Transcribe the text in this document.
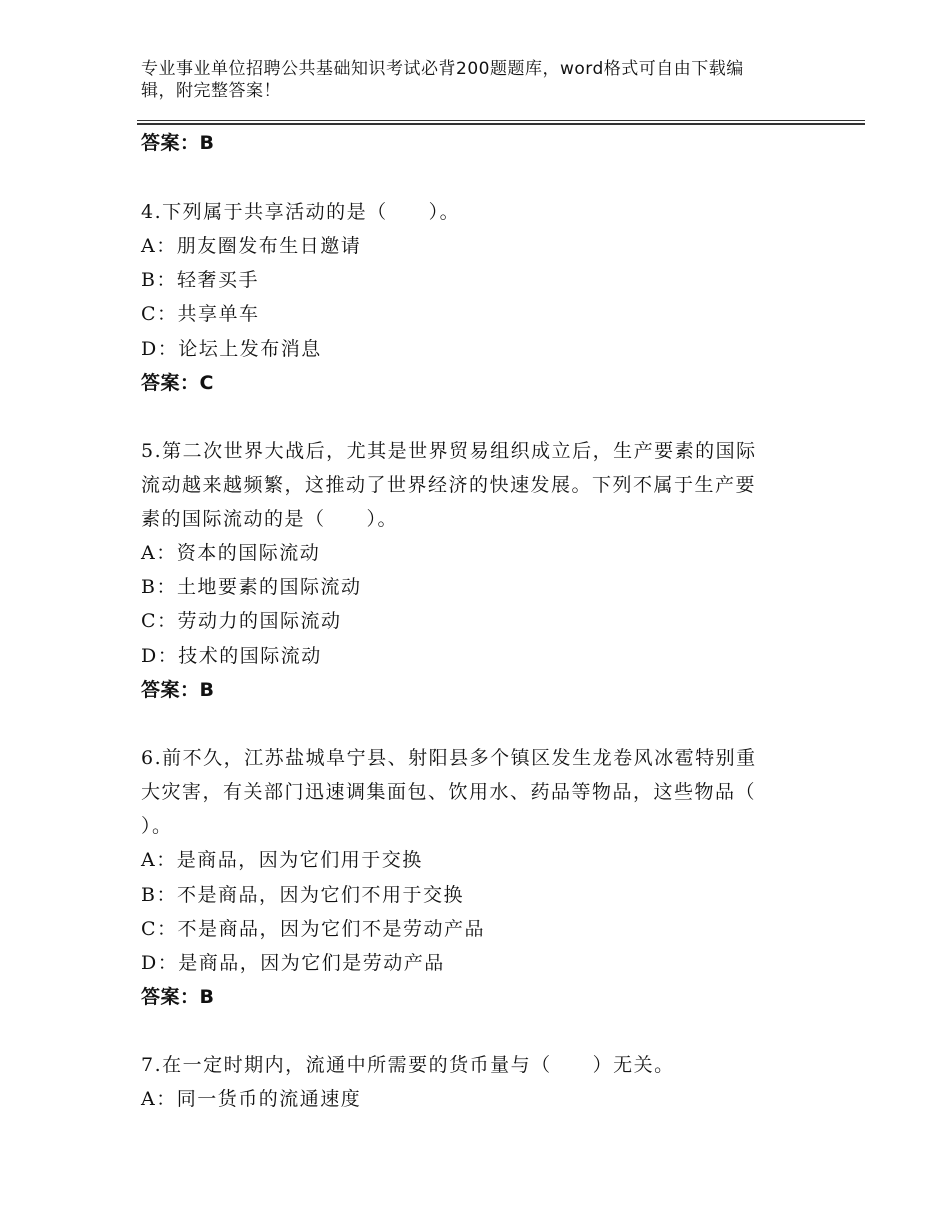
专业事业单位招聘公共基础知识考试必背200题题库，word格式可自由下载编
辑，附完整答案！
答案：B
4.下列属于共享活动的是（　　）。
A：朋友圈发布生日邀请
B：轻奢买手
C：共享单车
D：论坛上发布消息
答案：C
5.第二次世界大战后，尤其是世界贸易组织成立后，生产要素的国际
流动越来越频繁，这推动了世界经济的快速发展。下列不属于生产要
素的国际流动的是（　　）。
A：资本的国际流动
B：土地要素的国际流动
C：劳动力的国际流动
D：技术的国际流动
答案：B
6.前不久，江苏盐城阜宁县、射阳县多个镇区发生龙卷风冰雹特别重
大灾害，有关部门迅速调集面包、饮用水、药品等物品，这些物品（
）。
A：是商品，因为它们用于交换
B：不是商品，因为它们不用于交换
C：不是商品，因为它们不是劳动产品
D：是商品，因为它们是劳动产品
答案：B
7.在一定时期内，流通中所需要的货币量与（　　）无关。
A：同一货币的流通速度
